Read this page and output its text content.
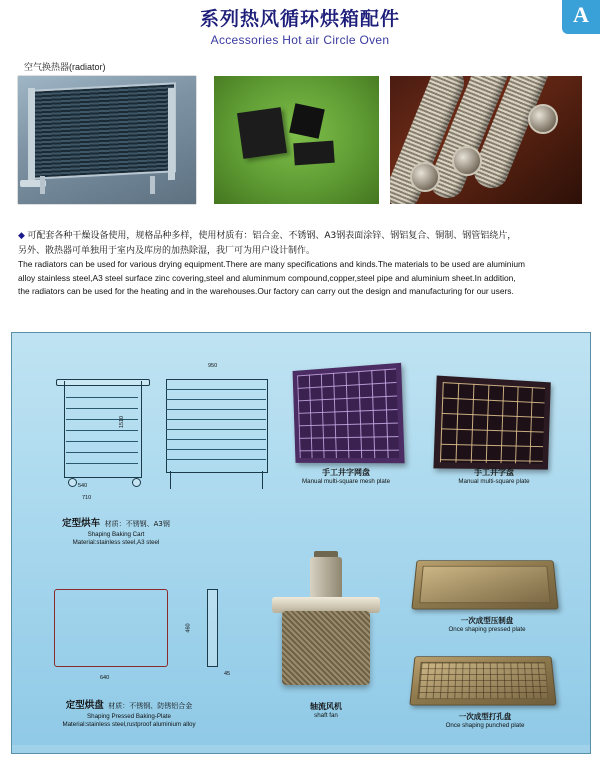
系列热风循环烘箱配件
Accessories Hot air Circle Oven
A
空气换热器(radiator)
◆ 可配套各种干燥设备使用，规格品种多样，使用材质有：铝合金、不锈钢、A3钢表面涂锌、钢铝复合、铜制、钢管铝绕片，
另外、散热器可单独用于室内及库房的加热除湿，我厂可为用户设计制作。
The radiators can be used for various drying equipment.There are many specifications and kinds.The materials to be used are aluminium
alloy stainless steel,A3 steel surface zinc covering,steel and aluminmum compound,copper,steel pipe and aluminium sheet.In addition,
the radiators can be used for the heating and in the warehouses.Our factory can carry out the design and manufacturing for our users.
540
710
1510
定型烘车 材质：不锈钢、A3钢
Shaping Baking Cart
Material:stainless steel,A3 steel
950
手工井字网盘
Manual multi-square mesh plate
手工井字盘
Manual multi-square plate
640
460
45
定型烘盘 材质：不锈钢、防锈铝合金
Shaping Pressed Baking-Plate
Material:stainless steel,rustproof aluminium alloy
轴流风机
shaft fan
一次成型压制盘
Once shaping pressed plate
一次成型打孔盘
Once shaping punched plate
